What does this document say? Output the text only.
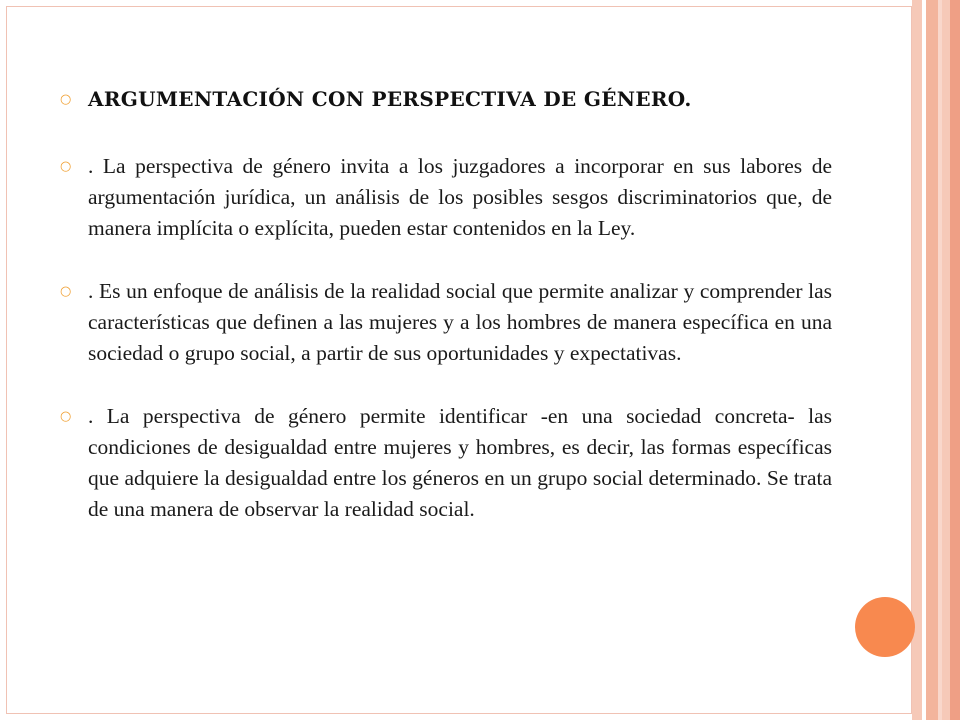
○ ARGUMENTACIÓN CON PERSPECTIVA DE GÉNERO.
○ . La perspectiva de género invita a los juzgadores a incorporar en sus labores de argumentación jurídica, un análisis de los posibles sesgos discriminatorios que, de manera implícita o explícita, pueden estar contenidos en la Ley.
○ . Es un enfoque de análisis de la realidad social que permite analizar y comprender las características que definen a las mujeres y a los hombres de manera específica en una sociedad o grupo social, a partir de sus oportunidades y expectativas.
○ . La perspectiva de género permite identificar -en una sociedad concreta- las condiciones de desigualdad entre mujeres y hombres, es decir, las formas específicas que adquiere la desigualdad entre los géneros en un grupo social determinado. Se trata de una manera de observar la realidad social.
